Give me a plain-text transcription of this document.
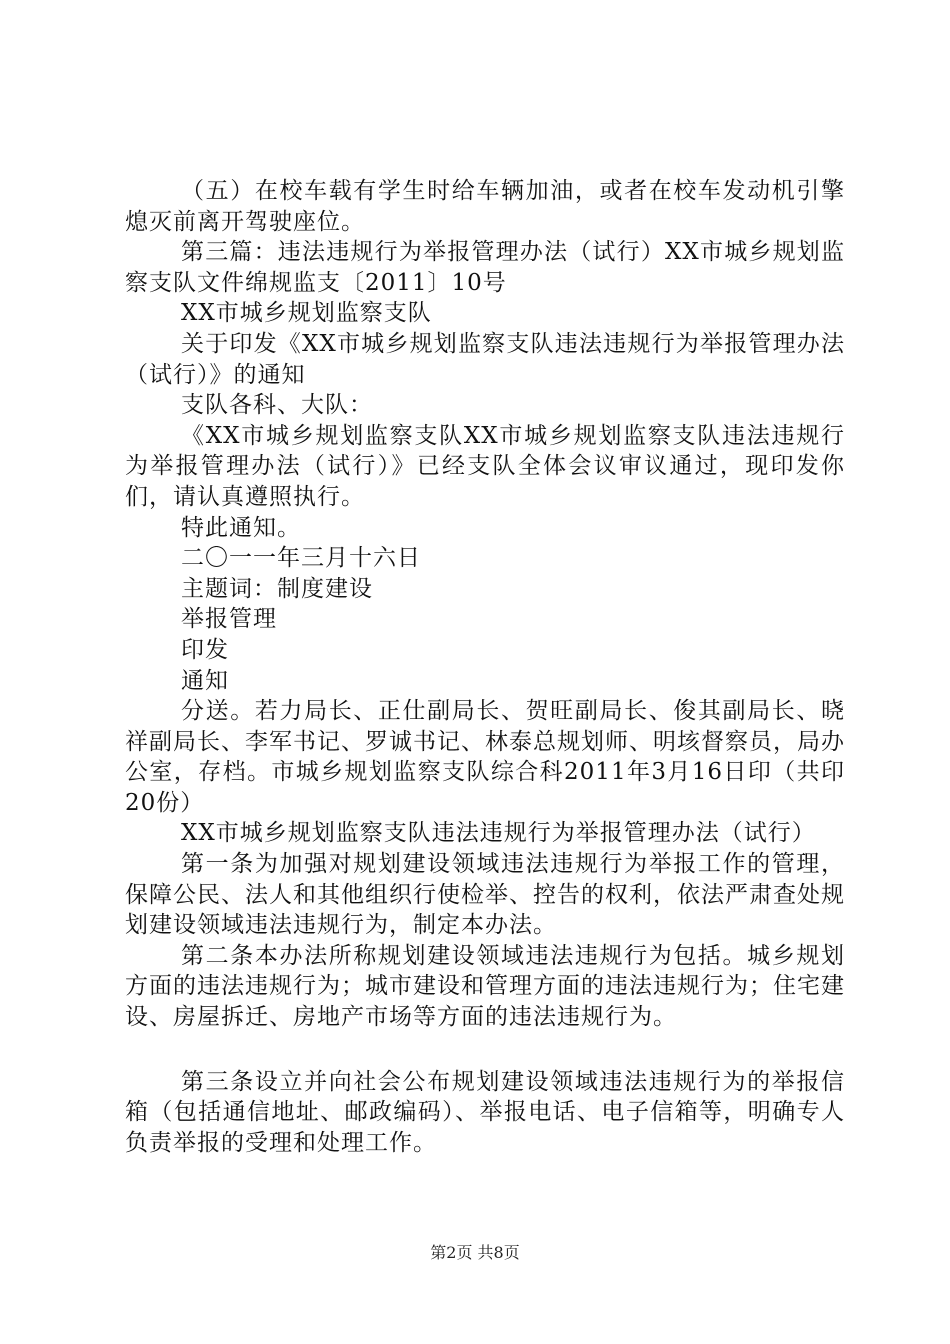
（五）在校车载有学生时给车辆加油，或者在校车发动机引擎熄灭前离开驾驶座位。

第三篇：违法违规行为举报管理办法（试行）XX市城乡规划监察支队文件绵规监支〔2011〕10号

XX市城乡规划监察支队

关于印发《XX市城乡规划监察支队违法违规行为举报管理办法（试行）》的通知

支队各科、大队：

《XX市城乡规划监察支队XX市城乡规划监察支队违法违规行为举报管理办法（试行）》已经支队全体会议审议通过，现印发你们，请认真遵照执行。

特此通知。

二〇一一年三月十六日

主题词：制度建设

举报管理

印发

通知

分送。若力局长、正仕副局长、贺旺副局长、俊其副局长、晓祥副局长、李军书记、罗诚书记、林泰总规划师、明垓督察员，局办公室，存档。市城乡规划监察支队综合科2011年3月16日印（共印20份）

XX市城乡规划监察支队违法违规行为举报管理办法（试行）

第一条为加强对规划建设领域违法违规行为举报工作的管理，保障公民、法人和其他组织行使检举、控告的权利，依法严肃查处规划建设领域违法违规行为，制定本办法。

第二条本办法所称规划建设领域违法违规行为包括。城乡规划方面的违法违规行为；城市建设和管理方面的违法违规行为；住宅建设、房屋拆迁、房地产市场等方面的违法违规行为。

第三条设立并向社会公布规划建设领域违法违规行为的举报信箱（包括通信地址、邮政编码）、举报电话、电子信箱等，明确专人负责举报的受理和处理工作。

第2页 共8页
